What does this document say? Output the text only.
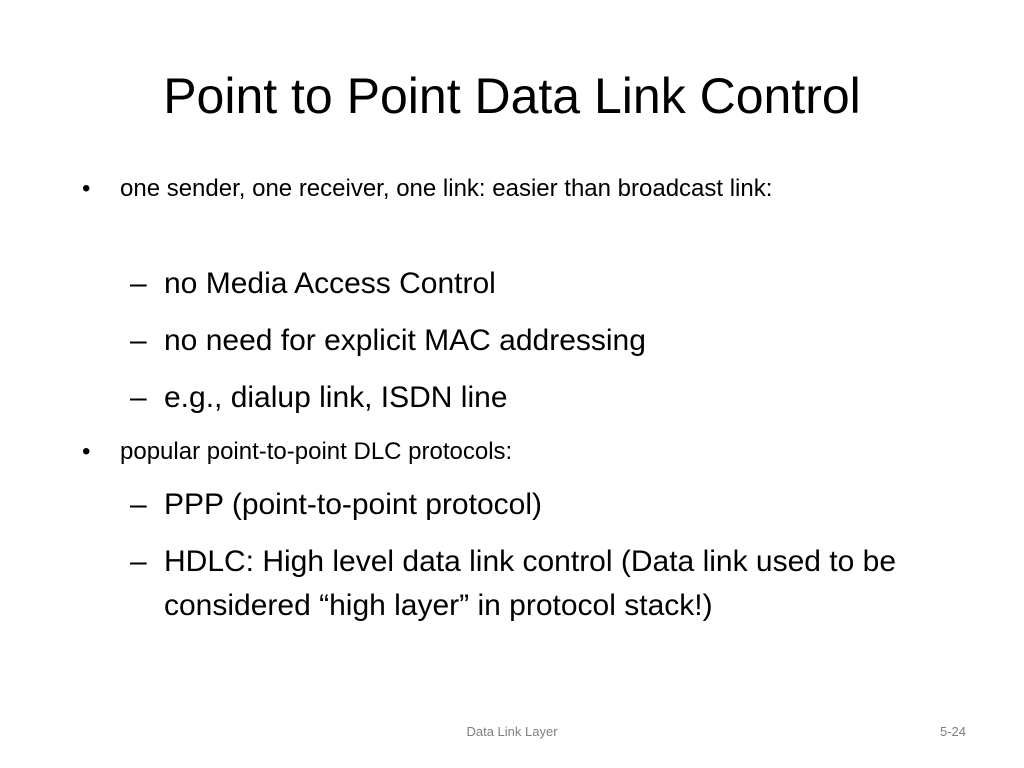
Point to Point Data Link Control
• one sender, one receiver, one link: easier than broadcast link:
– no Media Access Control
– no need for explicit MAC addressing
– e.g., dialup link, ISDN line
• popular point-to-point DLC protocols:
– PPP (point-to-point protocol)
– HDLC: High level data link control (Data link used to be considered “high layer” in protocol stack!)
Data Link Layer	5-24
